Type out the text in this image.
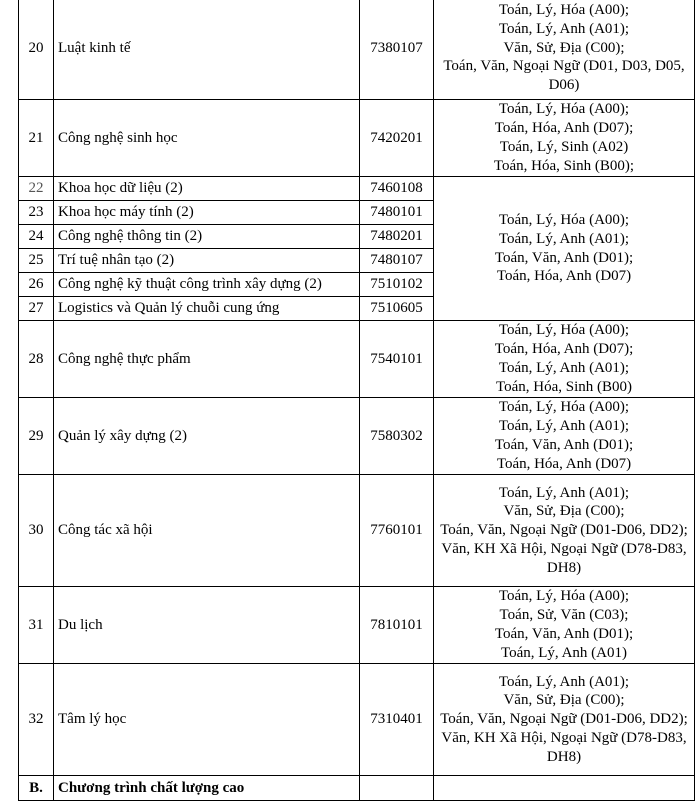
20	Luật kinh tế	7380107	Toán, Lý, Hóa (A00);
Toán, Lý, Anh (A01);
Văn, Sử, Địa (C00);
Toán, Văn, Ngoại Ngữ (D01, D03, D05, D06)

21	Công nghệ sinh học	7420201	Toán, Lý, Hóa (A00);
Toán, Hóa, Anh (D07);
Toán, Lý, Sinh (A02)
Toán, Hóa, Sinh (B00);

22	Khoa học dữ liệu (2)	7460108	Toán, Lý, Hóa (A00);
Toán, Lý, Anh (A01);
Toán, Văn, Anh (D01);
Toán, Hóa, Anh (D07)

23	Khoa học máy tính (2)	7480101	
24	Công nghệ thông tin (2)	7480201	
25	Trí tuệ nhân tạo (2)	7480107	
26	Công nghệ kỹ thuật công trình xây dựng (2)	7510102	
27	Logistics và Quản lý chuỗi cung ứng	7510605	
28	Công nghệ thực phẩm	7540101	Toán, Lý, Hóa (A00);
Toán, Hóa, Anh (D07);
Toán, Lý, Anh (A01);
Toán, Hóa, Sinh (B00)

29	Quản lý xây dựng (2)	7580302	Toán, Lý, Hóa (A00);
Toán, Lý, Anh (A01);
Toán, Văn, Anh (D01);
Toán, Hóa, Anh (D07)

30	Công tác xã hội	7760101	Toán, Lý, Anh (A01);
Văn, Sử, Địa (C00);
Toán, Văn, Ngoại Ngữ (D01-D06, DD2);
Văn, KH Xã Hội, Ngoại Ngữ (D78-D83, DH8)

31	Du lịch	7810101	Toán, Lý, Hóa (A00);
Toán, Sử, Văn (C03);
Toán, Văn, Anh (D01);
Toán, Lý, Anh (A01)

32	Tâm lý học	7310401	Toán, Lý, Anh (A01);
Văn, Sử, Địa (C00);
Toán, Văn, Ngoại Ngữ (D01-D06, DD2);
Văn, KH Xã Hội, Ngoại Ngữ (D78-D83, DH8)

B.	Chương trình chất lượng cao		
